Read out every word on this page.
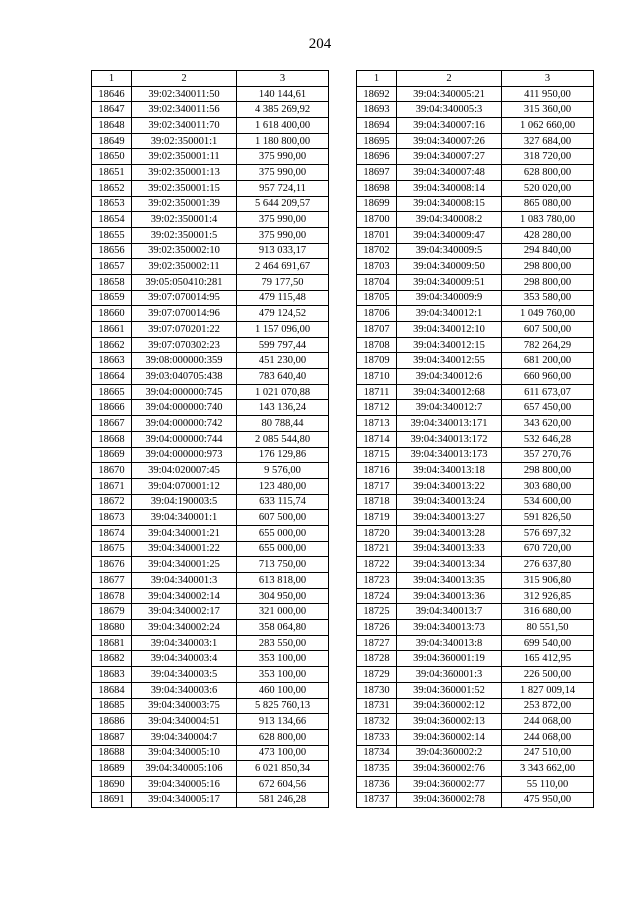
204
1	2	3
18646	39:02:340011:50	140 144,61
18647	39:02:340011:56	4 385 269,92
18648	39:02:340011:70	1 618 400,00
18649	39:02:350001:1	1 180 800,00
18650	39:02:350001:11	375 990,00
18651	39:02:350001:13	375 990,00
18652	39:02:350001:15	957 724,11
18653	39:02:350001:39	5 644 209,57
18654	39:02:350001:4	375 990,00
18655	39:02:350001:5	375 990,00
18656	39:02:350002:10	913 033,17
18657	39:02:350002:11	2 464 691,67
18658	39:05:050410:281	79 177,50
18659	39:07:070014:95	479 115,48
18660	39:07:070014:96	479 124,52
18661	39:07:070201:22	1 157 096,00
18662	39:07:070302:23	599 797,44
18663	39:08:000000:359	451 230,00
18664	39:03:040705:438	783 640,40
18665	39:04:000000:745	1 021 070,88
18666	39:04:000000:740	143 136,24
18667	39:04:000000:742	80 788,44
18668	39:04:000000:744	2 085 544,80
18669	39:04:000000:973	176 129,86
18670	39:04:020007:45	9 576,00
18671	39:04:070001:12	123 480,00
18672	39:04:190003:5	633 115,74
18673	39:04:340001:1	607 500,00
18674	39:04:340001:21	655 000,00
18675	39:04:340001:22	655 000,00
18676	39:04:340001:25	713 750,00
18677	39:04:340001:3	613 818,00
18678	39:04:340002:14	304 950,00
18679	39:04:340002:17	321 000,00
18680	39:04:340002:24	358 064,80
18681	39:04:340003:1	283 550,00
18682	39:04:340003:4	353 100,00
18683	39:04:340003:5	353 100,00
18684	39:04:340003:6	460 100,00
18685	39:04:340003:75	5 825 760,13
18686	39:04:340004:51	913 134,66
18687	39:04:340004:7	628 800,00
18688	39:04:340005:10	473 100,00
18689	39:04:340005:106	6 021 850,34
18690	39:04:340005:16	672 604,56
18691	39:04:340005:17	581 246,28
1	2	3
18692	39:04:340005:21	411 950,00
18693	39:04:340005:3	315 360,00
18694	39:04:340007:16	1 062 660,00
18695	39:04:340007:26	327 684,00
18696	39:04:340007:27	318 720,00
18697	39:04:340007:48	628 800,00
18698	39:04:340008:14	520 020,00
18699	39:04:340008:15	865 080,00
18700	39:04:340008:2	1 083 780,00
18701	39:04:340009:47	428 280,00
18702	39:04:340009:5	294 840,00
18703	39:04:340009:50	298 800,00
18704	39:04:340009:51	298 800,00
18705	39:04:340009:9	353 580,00
18706	39:04:340012:1	1 049 760,00
18707	39:04:340012:10	607 500,00
18708	39:04:340012:15	782 264,29
18709	39:04:340012:55	681 200,00
18710	39:04:340012:6	660 960,00
18711	39:04:340012:68	611 673,07
18712	39:04:340012:7	657 450,00
18713	39:04:340013:171	343 620,00
18714	39:04:340013:172	532 646,28
18715	39:04:340013:173	357 270,76
18716	39:04:340013:18	298 800,00
18717	39:04:340013:22	303 680,00
18718	39:04:340013:24	534 600,00
18719	39:04:340013:27	591 826,50
18720	39:04:340013:28	576 697,32
18721	39:04:340013:33	670 720,00
18722	39:04:340013:34	276 637,80
18723	39:04:340013:35	315 906,80
18724	39:04:340013:36	312 926,85
18725	39:04:340013:7	316 680,00
18726	39:04:340013:73	80 551,50
18727	39:04:340013:8	699 540,00
18728	39:04:360001:19	165 412,95
18729	39:04:360001:3	226 500,00
18730	39:04:360001:52	1 827 009,14
18731	39:04:360002:12	253 872,00
18732	39:04:360002:13	244 068,00
18733	39:04:360002:14	244 068,00
18734	39:04:360002:2	247 510,00
18735	39:04:360002:76	3 343 662,00
18736	39:04:360002:77	55 110,00
18737	39:04:360002:78	475 950,00
